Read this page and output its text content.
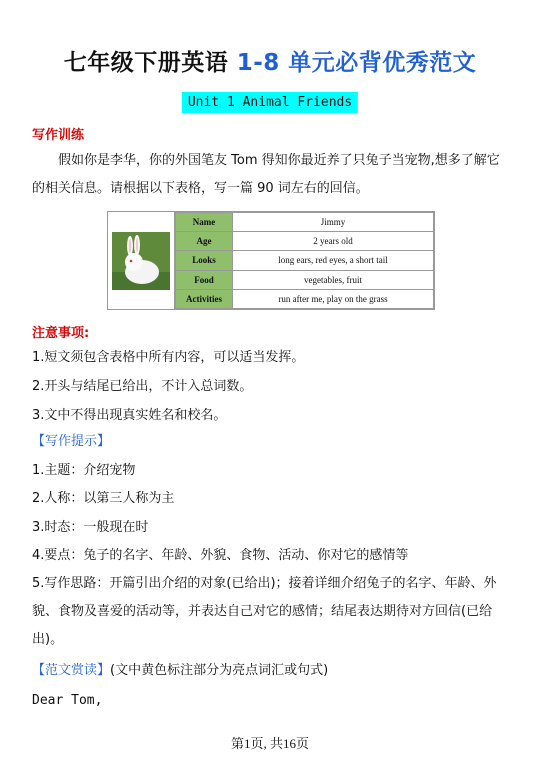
七年级下册英语 1-8 单元必背优秀范文
Unit 1 Animal Friends
写作训练
假如你是李华，你的外国笔友 Tom 得知你最近养了只兔子当宠物,想多了解它的相关信息。请根据以下表格，写一篇 90 词左右的回信。
Name	Jimmy
Age	2 years old
Looks	long ears, red eyes, a short tail
Food	vegetables, fruit
Activities	run after me, play on the grass
注意事项:
1.短文须包含表格中所有内容，可以适当发挥。
2.开头与结尾已给出，不计入总词数。
3.文中不得出现真实姓名和校名。
【写作提示】
1.主题：介绍宠物
2.人称：以第三人称为主
3.时态：一般现在时
4.要点：兔子的名字、年龄、外貌、食物、活动、你对它的感情等
5.写作思路：开篇引出介绍的对象(已给出)；接着详细介绍兔子的名字、年龄、外貌、食物及喜爱的活动等，并表达自己对它的感情；结尾表达期待对方回信(已给出)。
【范文赏读】(文中黄色标注部分为亮点词汇或句式)
Dear Tom,
第1页, 共16页
